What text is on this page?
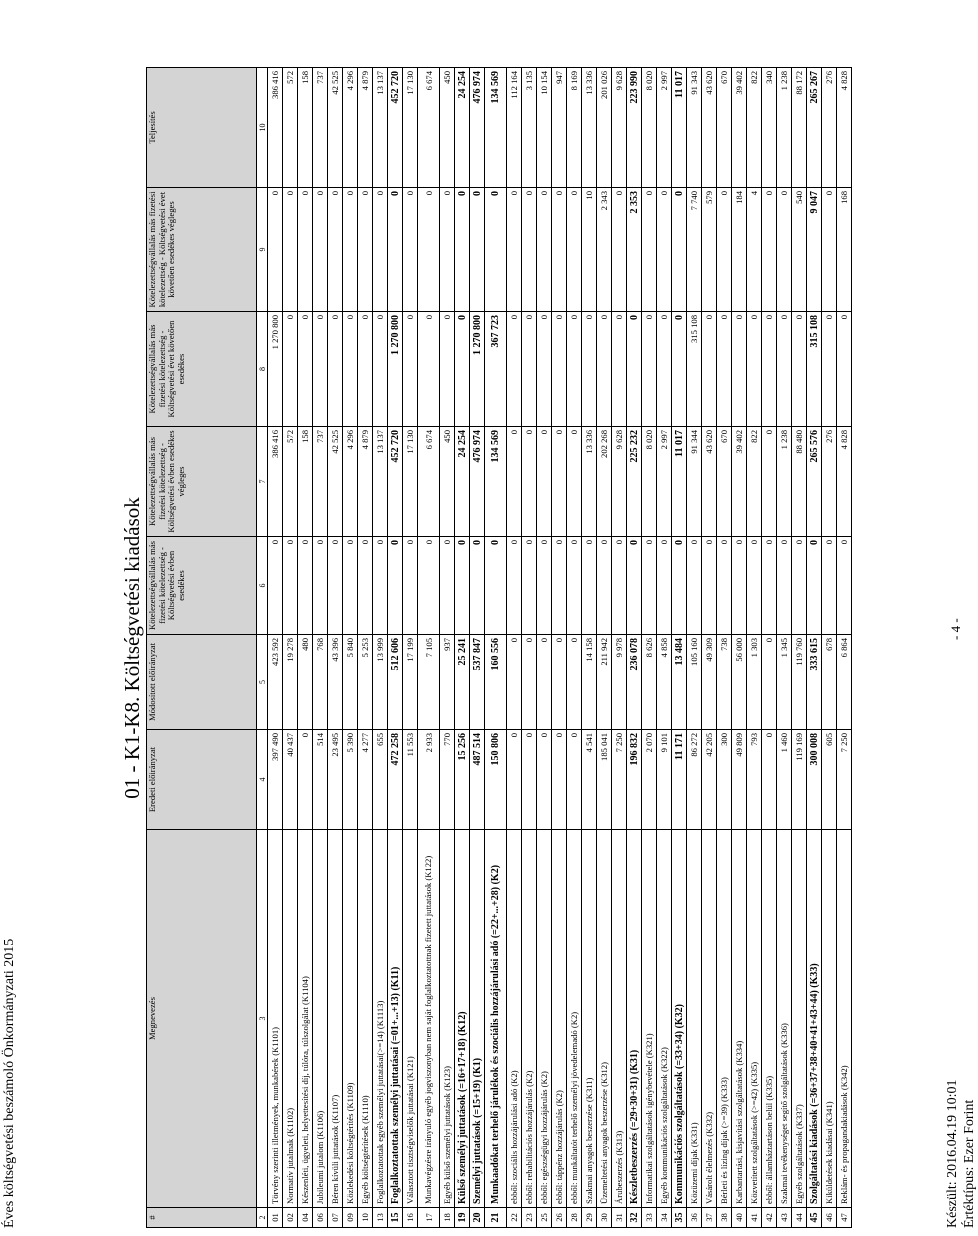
Éves költségvetési beszámoló Önkormányzati 2015	Készült: 2016.04.19 10:01 Értéktípus: Ezer Forint
- 4 -
01 - K1-K8. Költségvetési kiadások
#	Megnevezés	Eredeti előirányzat	Módosított előirányzat	Kötelezettségvállalás más fizetési kötelezettség - Költségvetési évben esedékes	Kötelezettségvállalás más fizetési kötelezettség - Költségvetési évben esedékes végleges	Kötelezettségvállalás más fizetési kötelezettség - Költségvetési évet követően esedékes	Kötelezettségvállalás más fizetési kötelezettség - Költségvetési évet követően esedékes végleges	Teljesítés
2	3	4	5	6	7	8	9	10
01	Törvény szerinti illetmények, munkabérek (K1101)	397 490	423 592	0	386 416	1 270 800	0	386 416
02	Normatív jutalmak (K1102)	40 437	19 278	0	572	0	0	572
04	Készenléti, ügyeleti, helyettesítési díj, túlóra, túlszolgálat (K1104)	0	480	0	158	0	0	158
06	Jubileumi jutalom (K1106)	514	768	0	737	0	0	737
07	Béren kívüli juttatások (K1107)	23 495	43 396	0	42 525	0	0	42 525
09	Közlekedési költségtérítés (K1109)	5 390	5 840	0	4 296	0	0	4 296
10	Egyéb költségtérítések (K1110)	4 277	5 253	0	4 879	0	0	4 879
13	Foglalkoztatottak egyéb személyi juttatásai(>=14) (K1113)	655	13 999	0	13 137	0	0	13 137
15	Foglalkoztatottak személyi juttatásai (=01+...+13) (K11)	472 258	512 606	0	452 720	1 270 800	0	452 720
16	Választott tisztségviselők juttatásai (K121)	11 553	17 199	0	17 130	0	0	17 130
17	Munkavégzésre irányuló egyéb jogviszonyban nem saját foglalkoztatottnak fizetett juttatások (K122)	2 933	7 105	0	6 674	0	0	6 674
18	Egyéb külső személyi juttatások (K123)	770	937	0	450	0	0	450
19	Külső személyi juttatások (=16+17+18) (K12)	15 256	25 241	0	24 254	0	0	24 254
20	Személyi juttatások (=15+19) (K1)	487 514	537 847	0	476 974	1 270 800	0	476 974
21	Munkaadókat terhelő járulékok és szociális hozzájárulási adó (=22+...+28) (K2)	150 806	160 556	0	134 569	367 723	0	134 569
22	ebből: szociális hozzájárulási adó (K2)	0	0	0	0	0	0	112 164
23	ebből: rehabilitációs hozzájárulás (K2)	0	0	0	0	0	0	3 135
25	ebből: egészségügyi hozzájárulás (K2)	0	0	0	0	0	0	10 154
26	ebből: táppénz hozzájárulás (K2)	0	0	0	0	0	0	947
28	ebből: munkáltatót terhelő személyi jövedelemadó (K2)	0	0	0	0	0	0	8 169
29	Szakmai anyagok beszerzése (K311)	4 541	14 158	0	13 336	0	10	13 336
30	Üzemeltetési anyagok beszerzése (K312)	185 041	211 942	0	202 268	0	2 343	201 026
31	Árubeszerzés (K313)	7 250	9 978	0	9 628	0	0	9 628
32	Készletbeszerzés (=29+30+31) (K31)	196 832	236 078	0	225 232	0	2 353	223 990
33	Informatikai szolgáltatások igénybevétele (K321)	2 070	8 626	0	8 020	0	0	8 020
34	Egyéb kommunikációs szolgáltatások (K322)	9 101	4 858	0	2 997	0	0	2 997
35	Kommunikációs szolgáltatások (=33+34) (K32)	11 171	13 484	0	11 017	0	0	11 017
36	Közüzemi díjak (K331)	86 272	105 160	0	91 344	315 108	7 740	91 343
37	Vásárolt élelmezés (K332)	42 205	49 309	0	43 620	0	579	43 620
38	Bérleti és lízing díjak (>=39) (K333)	300	738	0	670	0	0	670
40	Karbantartási, kisjavítási szolgáltatások (K334)	49 809	56 000	0	39 402	0	184	39 402
41	Közvetített szolgáltatások (>=42) (K335)	793	1 303	0	822	0	4	822
42	ebből: államháztartáson belül (K335)	0	0	0	0	0	0	340
43	Szakmai tevékenységet segítő szolgáltatások (K336)	1 460	1 345	0	1 238	0	0	1 238
44	Egyéb szolgáltatások (K337)	119 169	119 760	0	88 480	0	540	88 172
45	Szolgáltatási kiadások (=36+37+38+40+41+43+44) (K33)	300 008	333 615	0	265 576	315 108	9 047	265 267
46	Kiküldetések kiadásai (K341)	605	678	0	276	0	0	276
47	Reklám- és propagandakiadások (K342)	7 250	6 864	0	4 828	0	168	4 828
